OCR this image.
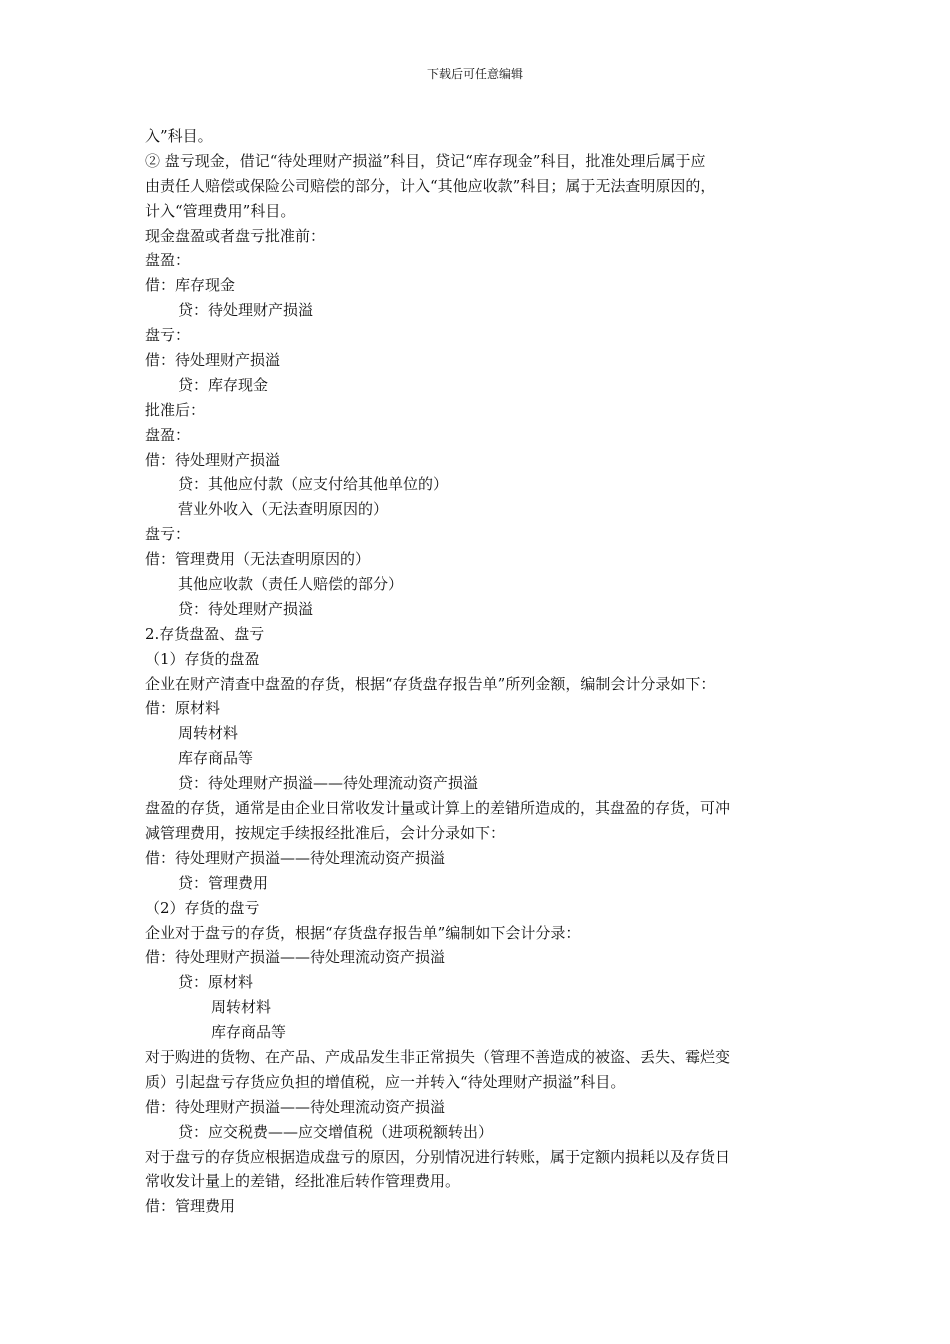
下载后可任意编辑
入”科目。
② 盘亏现金，借记“待处理财产损溢”科目，贷记“库存现金”科目，批准处理后属于应
由责任人赔偿或保险公司赔偿的部分，计入“其他应收款”科目；属于无法查明原因的，
计入“管理费用”科目。
现金盘盈或者盘亏批准前：
盘盈：
借：库存现金
贷：待处理财产损溢
盘亏：
借：待处理财产损溢
贷：库存现金
批准后：
盘盈：
借：待处理财产损溢
贷：其他应付款（应支付给其他单位的）
营业外收入（无法查明原因的）
盘亏：
借：管理费用（无法查明原因的）
其他应收款（责任人赔偿的部分）
贷：待处理财产损溢
2.存货盘盈、盘亏
（1）存货的盘盈
企业在财产清查中盘盈的存货，根据“存货盘存报告单”所列金额，编制会计分录如下：
借：原材料
周转材料
库存商品等
贷：待处理财产损溢——待处理流动资产损溢
盘盈的存货，通常是由企业日常收发计量或计算上的差错所造成的，其盘盈的存货，可冲
减管理费用，按规定手续报经批准后，会计分录如下：
借：待处理财产损溢——待处理流动资产损溢
贷：管理费用
（2）存货的盘亏
企业对于盘亏的存货，根据“存货盘存报告单”编制如下会计分录：
借：待处理财产损溢——待处理流动资产损溢
贷：原材料
周转材料
库存商品等
对于购进的货物、在产品、产成品发生非正常损失（管理不善造成的被盗、丢失、霉烂变
质）引起盘亏存货应负担的增值税，应一并转入“待处理财产损溢”科目。
借：待处理财产损溢——待处理流动资产损溢
贷：应交税费——应交增值税（进项税额转出）
对于盘亏的存货应根据造成盘亏的原因，分别情况进行转账，属于定额内损耗以及存货日
常收发计量上的差错，经批准后转作管理费用。
借：管理费用
